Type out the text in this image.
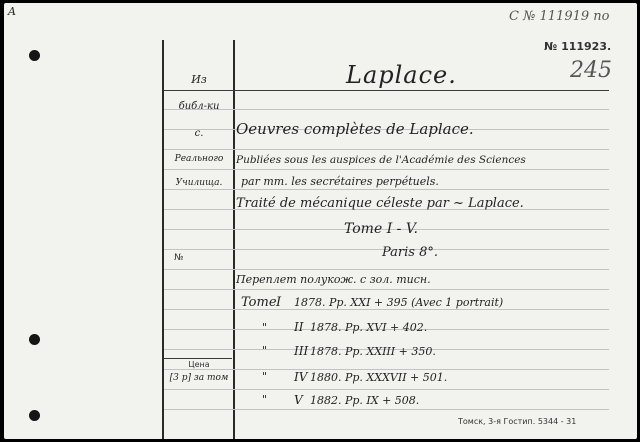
A	С № 111919 no
№ 111923.
Из
библ-ки
с.
Реального
Училища.
№
Цена
[3 р] за том
Laplace.	245
Oeuvres complètes de Laplace.
Publiées sous les auspices de l'Académie des Sciences
par mm. les secrétaires perpétuels.
Traité de mécanique céleste par ~ Laplace.
Tome I - V.
Paris 8°.
Переплет полукож. с зол. тисн.
Tome I 1878. Pp. XXI + 395 (Avec 1 portrait)
" II 1878. Pp. XVI + 402.
" III 1878. Pp. XXIII + 350.
" IV 1880. Pp. XXXVII + 501.
" V 1882. Pp. IX + 508.
Томск, 3-я Гостип. 5344 - 31
